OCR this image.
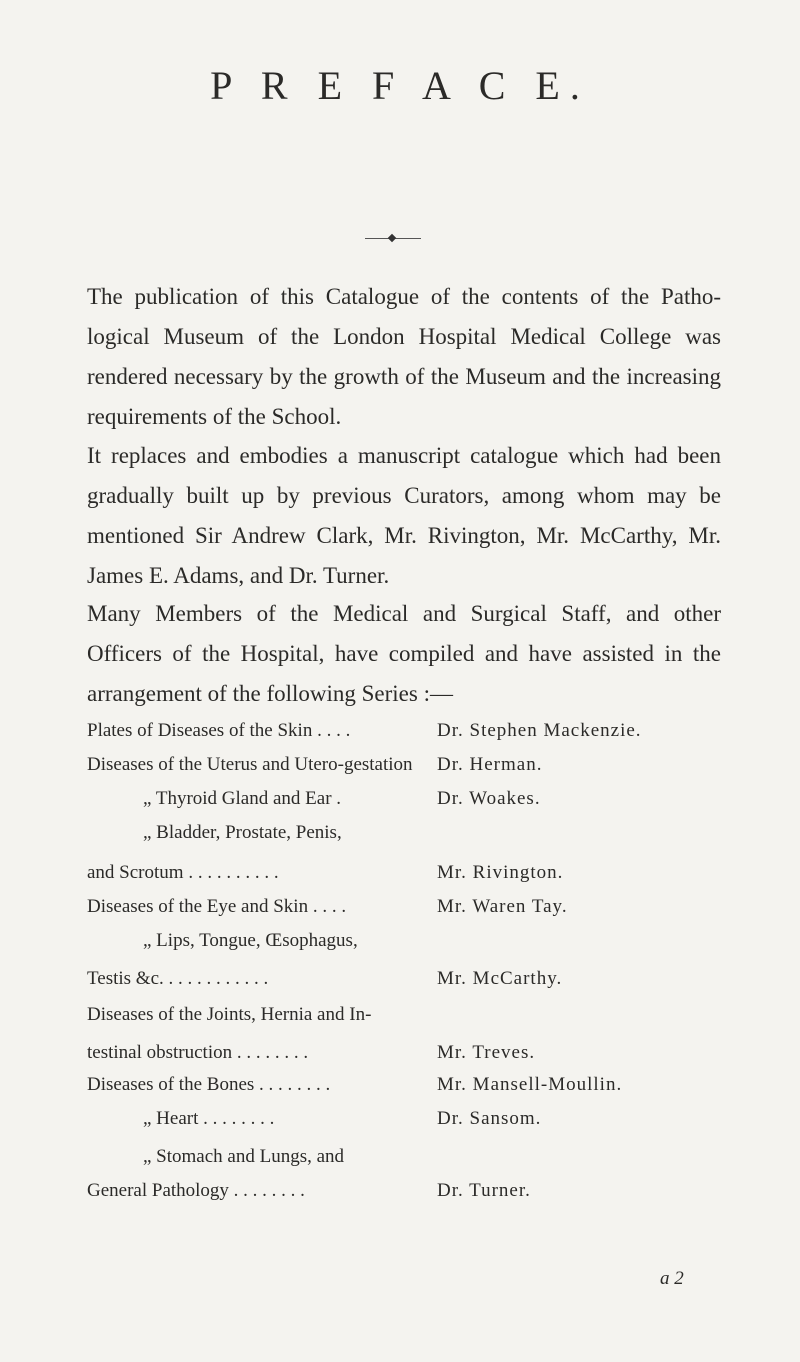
P R E F A C E.

The publication of this Catalogue of the contents of the Patho- logical Museum of the London Hospital Medical College was rendered necessary by the growth of the Museum and the increasing requirements of the School.

It replaces and embodies a manuscript catalogue which had been gradually built up by previous Curators, among whom may be mentioned Sir Andrew Clark, Mr. Rivington, Mr. McCarthy, Mr. James E. Adams, and Dr. Turner.

Many Members of the Medical and Surgical Staff, and other Officers of the Hospital, have compiled and have assisted in the arrangement of the following Series :—

Plates of Diseases of the Skin . . . .	Dr. Stephen Mackenzie.
Diseases of the Uterus and Utero-gestation Dr. Herman.
„ Thyroid Gland and Ear .	Dr. Woakes.
„ Bladder, Prostate, Penis,
and Scrotum . . . . . . . . . .	Mr. Rivington.
Diseases of the Eye and Skin . . . .	Mr. Waren Tay.
„ Lips, Tongue, Œsophagus,
Testis &c. . . . . . . . . . . .	Mr. McCarthy.
Diseases of the Joints, Hernia and In-
testinal obstruction . . . . . . . .	Mr. Treves.
Diseases of the Bones . . . . . . . .	Mr. Mansell-Moullin.
„ Heart . . . . . . . .	Dr. Sansom.
„ Stomach and Lungs, and
General Pathology . . . . . . . .	Dr. Turner.
a 2
